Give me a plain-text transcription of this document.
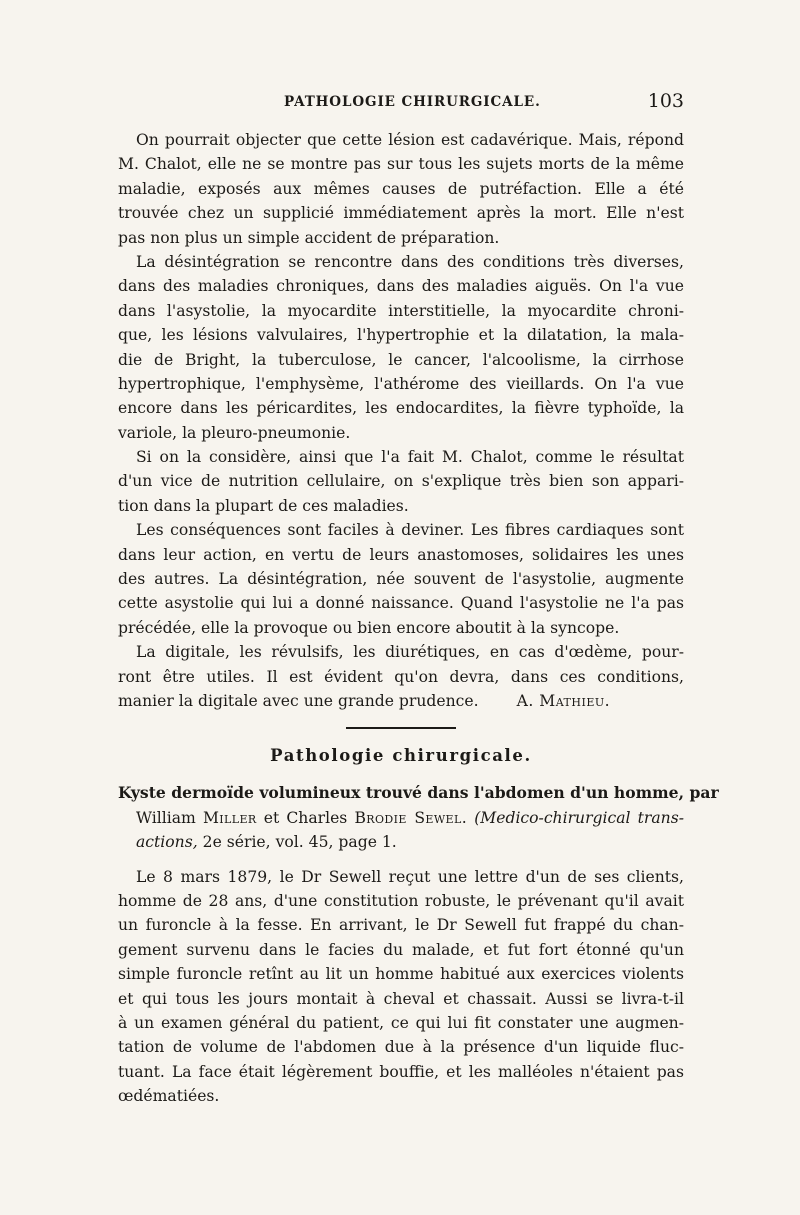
PATHOLOGIE CHIRURGICALE.	103
On pourrait objecter que cette lésion est cadavérique. Mais, répond
M. Chalot, elle ne se montre pas sur tous les sujets morts de la même
maladie, exposés aux mêmes causes de putréfaction. Elle a été
trouvée chez un supplicié immédiatement après la mort. Elle n'est
pas non plus un simple accident de préparation.
La désintégration se rencontre dans des conditions très diverses,
dans des maladies chroniques, dans des maladies aiguës. On l'a vue
dans l'asystolie, la myocardite interstitielle, la myocardite chroni-
que, les lésions valvulaires, l'hypertrophie et la dilatation, la mala-
die de Bright, la tuberculose, le cancer, l'alcoolisme, la cirrhose
hypertrophique, l'emphysème, l'athérome des vieillards. On l'a vue
encore dans les péricardites, les endocardites, la fièvre typhoïde, la
variole, la pleuro-pneumonie.
Si on la considère, ainsi que l'a fait M. Chalot, comme le résultat
d'un vice de nutrition cellulaire, on s'explique très bien son appari-
tion dans la plupart de ces maladies.
Les conséquences sont faciles à deviner. Les fibres cardiaques sont
dans leur action, en vertu de leurs anastomoses, solidaires les unes
des autres. La désintégration, née souvent de l'asystolie, augmente
cette asystolie qui lui a donné naissance. Quand l'asystolie ne l'a pas
précédée, elle la provoque ou bien encore aboutit à la syncope.
La digitale, les révulsifs, les diurétiques, en cas d'œdème, pour-
ront être utiles. Il est évident qu'on devra, dans ces conditions,
manier la digitale avec une grande prudence. A. Mathieu.
Pathologie chirurgicale.
Kyste dermoïde volumineux trouvé dans l'abdomen d'un homme, par
William Miller et Charles Brodie Sewel. (Medico-chirurgical trans-
actions, 2e série, vol. 45, page 1.
Le 8 mars 1879, le Dr Sewell reçut une lettre d'un de ses clients,
homme de 28 ans, d'une constitution robuste, le prévenant qu'il avait
un furoncle à la fesse. En arrivant, le Dr Sewell fut frappé du chan-
gement survenu dans le facies du malade, et fut fort étonné qu'un
simple furoncle retînt au lit un homme habitué aux exercices violents
et qui tous les jours montait à cheval et chassait. Aussi se livra-t-il
à un examen général du patient, ce qui lui fit constater une augmen-
tation de volume de l'abdomen due à la présence d'un liquide fluc-
tuant. La face était légèrement bouffie, et les malléoles n'étaient pas
œdématiées.
